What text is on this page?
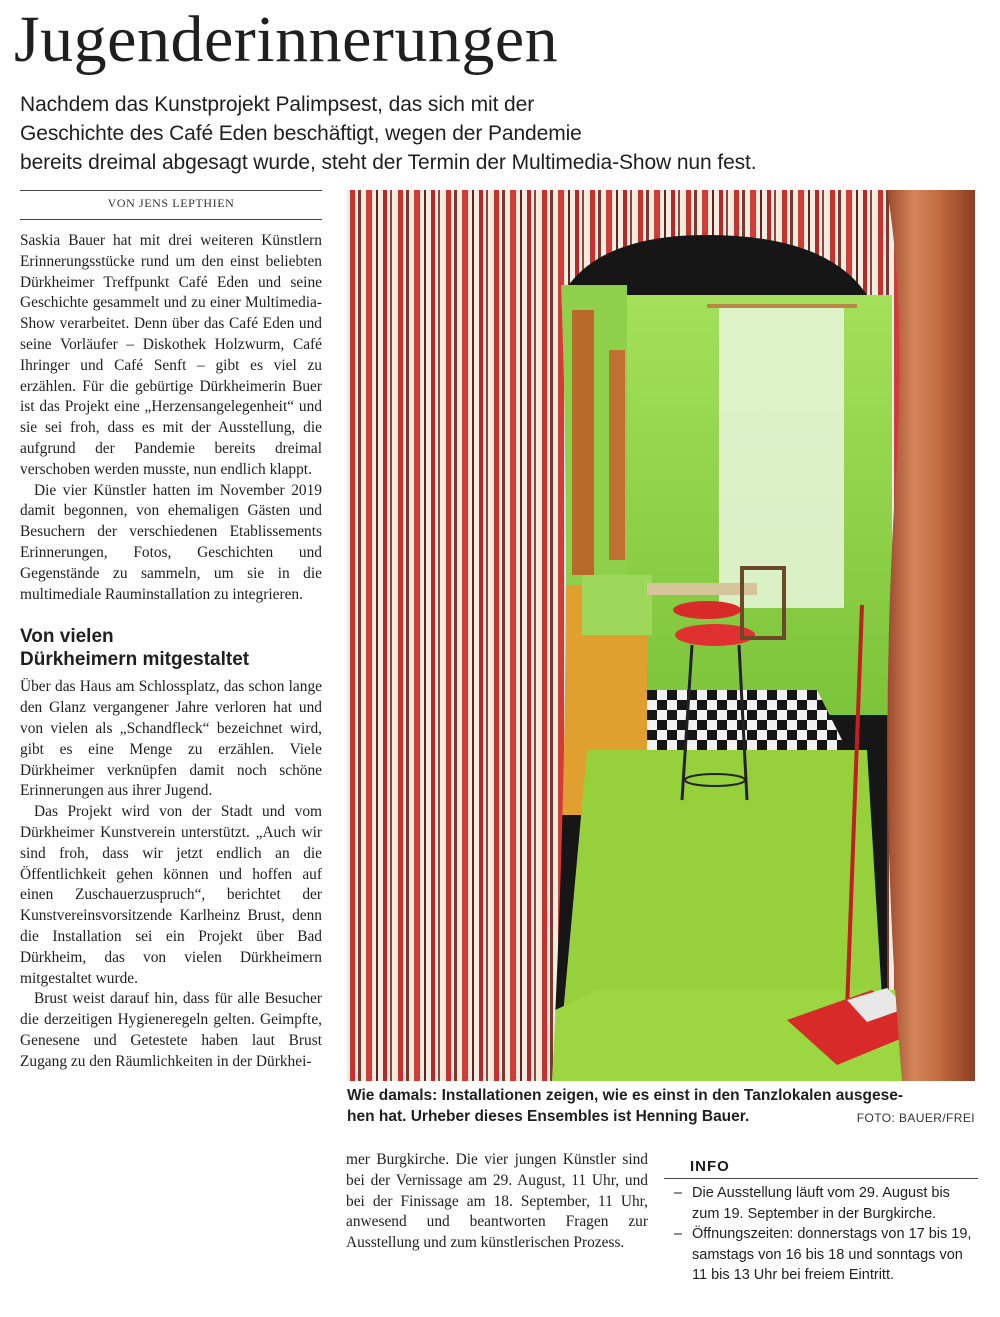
Jugenderinnerungen
Nachdem das Kunstprojekt Palimpsest, das sich mit der
Geschichte des Café Eden beschäftigt, wegen der Pandemie
bereits dreimal abgesagt wurde, steht der Termin der Multimedia-Show nun fest.
VON JENS LEPTHIEN

Saskia Bauer hat mit drei weiteren Künstlern Erinnerungsstücke rund um den einst beliebten Dürkheimer Treffpunkt Café Eden und seine Geschichte gesammelt und zu einer Multimedia-Show verarbeitet. Denn über das Café Eden und seine Vorläufer – Diskothek Holzwurm, Café Ihringer und Café Senft – gibt es viel zu erzählen. Für die gebürtige Dürkheimerin Buer ist das Projekt eine „Herzensangelegenheit“ und sie sei froh, dass es mit der Ausstellung, die aufgrund der Pandemie bereits dreimal verschoben werden musste, nun endlich klappt.

Die vier Künstler hatten im November 2019 damit begonnen, von ehemaligen Gästen und Besuchern der verschiedenen Etablissements Erinnerungen, Fotos, Geschichten und Gegenstände zu sammeln, um sie in die multimediale Rauminstallation zu integrieren.

Von vielen
Dürkheimern mitgestaltet

Über das Haus am Schlossplatz, das schon lange den Glanz vergangener Jahre verloren hat und von vielen als „Schandfleck“ bezeichnet wird, gibt es eine Menge zu erzählen. Viele Dürkheimer verknüpfen damit noch schöne Erinnerungen aus ihrer Jugend.

Das Projekt wird von der Stadt und vom Dürkheimer Kunstverein unterstützt. „Auch wir sind froh, dass wir jetzt endlich an die Öffentlichkeit gehen können und hoffen auf einen Zuschauerzuspruch“, berichtet der Kunstvereinsvorsitzende Karlheinz Brust, denn die Installation sei ein Projekt über Bad Dürkheim, das von vielen Dürkheimern mitgestaltet wurde.

Brust weist darauf hin, dass für alle Besucher die derzeitigen Hygieneregeln gelten. Geimpfte, Genesene und Getestete haben laut Brust Zugang zu den Räumlichkeiten in der Dürkhei-

Wie damals: Installationen zeigen, wie es einst in den Tanzlokalen ausgese-
hen hat. Urheber dieses Ensembles ist Henning Bauer.	FOTO: BAUER/FREI

mer Burgkirche. Die vier jungen Künstler sind bei der Vernissage am 29. August, 11 Uhr, und bei der Finissage am 18. September, 11 Uhr, anwesend und beantworten Fragen zur Ausstellung und zum künstlerischen Prozess.

INFO
– Die Ausstellung läuft vom 29. August bis zum 19. September in der Burgkirche.
– Öffnungszeiten: donnerstags von 17 bis 19, samstags von 16 bis 18 und sonntags von 11 bis 13 Uhr bei freiem Eintritt.
